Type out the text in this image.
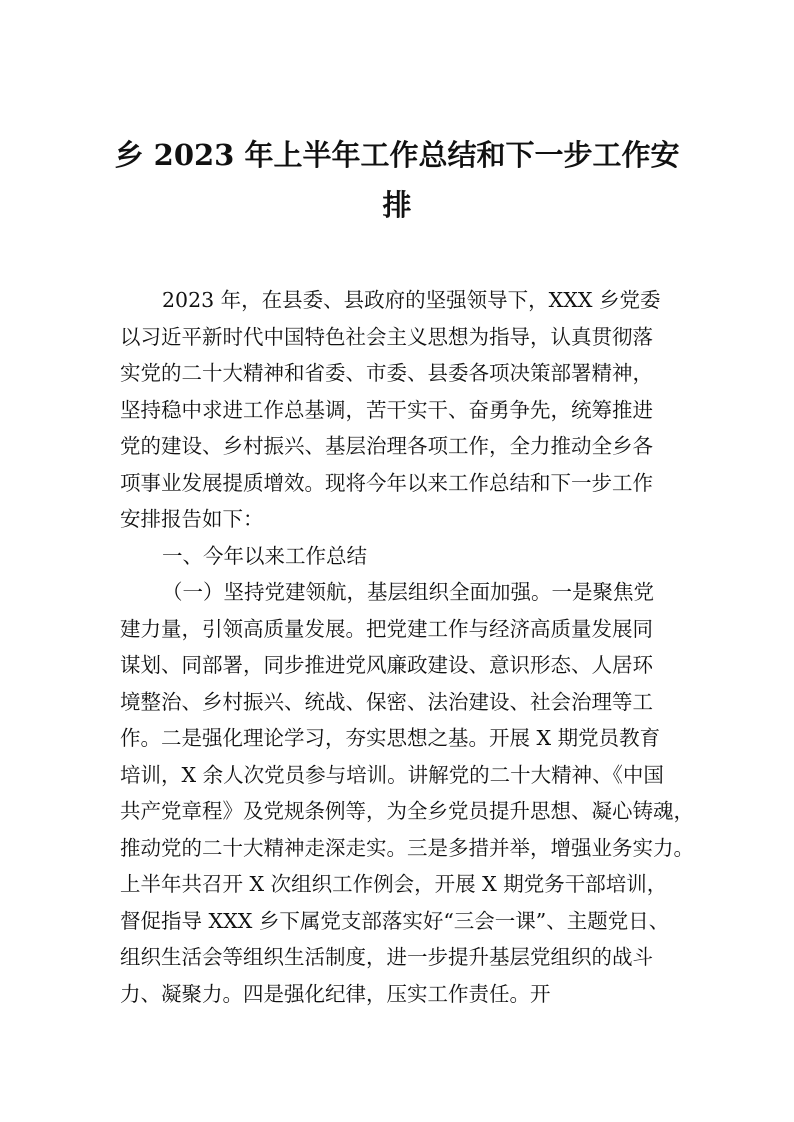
乡 2023 年上半年工作总结和下一步工作安
排
2023 年，在县委、县政府的坚强领导下，XXX 乡党委
以习近平新时代中国特色社会主义思想为指导，认真贯彻落
实党的二十大精神和省委、市委、县委各项决策部署精神，
坚持稳中求进工作总基调，苦干实干、奋勇争先，统筹推进
党的建设、乡村振兴、基层治理各项工作，全力推动全乡各
项事业发展提质增效。现将今年以来工作总结和下一步工作
安排报告如下：
一、今年以来工作总结
（一）坚持党建领航，基层组织全面加强。一是聚焦党
建力量，引领高质量发展。把党建工作与经济高质量发展同
谋划、同部署，同步推进党风廉政建设、意识形态、人居环
境整治、乡村振兴、统战、保密、法治建设、社会治理等工
作。二是强化理论学习，夯实思想之基。开展 X 期党员教育
培训，X 余人次党员参与培训。讲解党的二十大精神、《中国
共产党章程》及党规条例等，为全乡党员提升思想、凝心铸魂，
推动党的二十大精神走深走实。三是多措并举，增强业务实力。
上半年共召开 X 次组织工作例会，开展 X 期党务干部培训，
督促指导 XXX 乡下属党支部落实好“三会一课”、主题党日、
组织生活会等组织生活制度，进一步提升基层党组织的战斗
力、凝聚力。四是强化纪律，压实工作责任。开
